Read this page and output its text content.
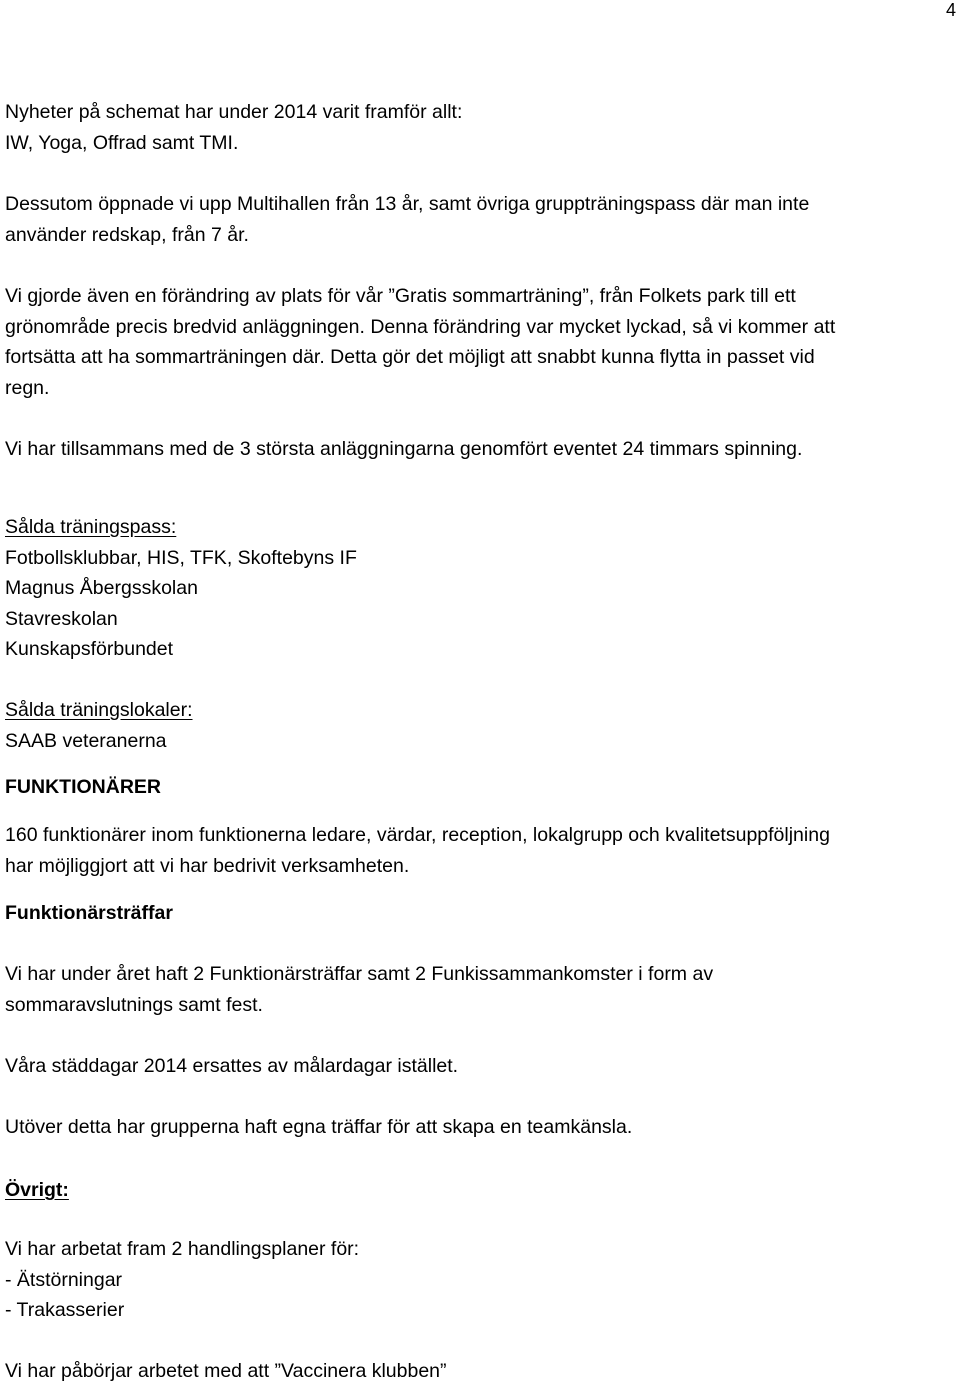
4
Nyheter på schemat har under 2014 varit framför allt:
IW, Yoga, Offrad samt TMI.
Dessutom öppnade vi upp Multihallen från 13 år, samt övriga gruppträningspass där man inte
använder redskap, från 7 år.
Vi gjorde även en förändring av plats för vår ”Gratis sommarträning”, från Folkets park till ett
grönområde precis bredvid anläggningen. Denna förändring var mycket lyckad, så vi kommer att
fortsätta att ha sommarträningen där. Detta gör det möjligt att snabbt kunna flytta in passet vid
regn.
Vi har tillsammans med de 3 största anläggningarna genomfört eventet 24 timmars spinning.
Sålda träningspass:
Fotbollsklubbar, HIS, TFK, Skoftebyns IF
Magnus Åbergsskolan
Stavreskolan
Kunskapsförbundet
Sålda träningslokaler:
SAAB veteranerna
FUNKTIONÄRER
160 funktionärer inom funktionerna ledare, värdar, reception, lokalgrupp och kvalitetsuppföljning
har möjliggjort att vi har bedrivit verksamheten.
Funktionärsträffar
Vi har under året haft 2 Funktionärsträffar samt 2 Funkissammankomster i form av
sommaravslutnings samt fest.
Våra städdagar 2014 ersattes av målardagar istället.
Utöver detta har grupperna haft egna träffar för att skapa en teamkänsla.
Övrigt:
Vi har arbetat fram 2 handlingsplaner för:
- Ätstörningar
- Trakasserier
Vi har påbörjar arbetet med att ”Vaccinera klubben”
